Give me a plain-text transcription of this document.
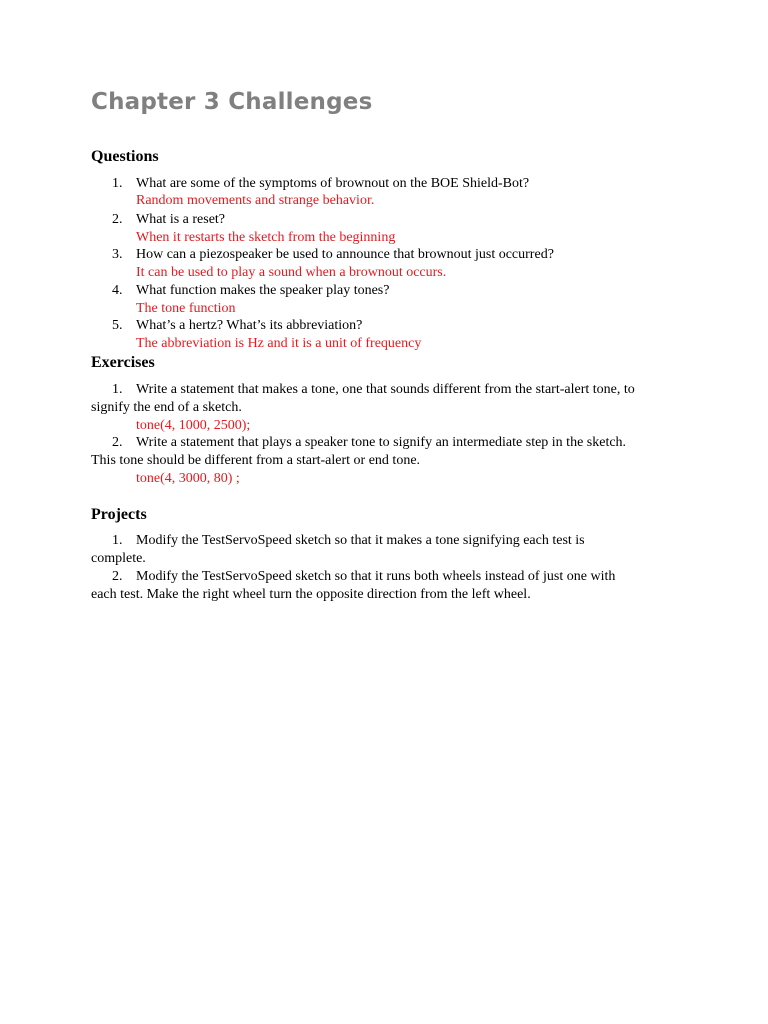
Chapter 3 Challenges
Questions
1. What are some of the symptoms of brownout on the BOE Shield-Bot?
Random movements and strange behavior.
2. What is a reset?
When it restarts the sketch from the beginning
3. How can a piezospeaker be used to announce that brownout just occurred?
It can be used to play a sound when a brownout occurs.
4. What function makes the speaker play tones?
The tone function
5. What’s a hertz? What’s its abbreviation?
The abbreviation is Hz and it is a unit of frequency
Exercises
1. Write a statement that makes a tone, one that sounds different from the start-alert tone, to
signify the end of a sketch.
tone(4, 1000, 2500);
2. Write a statement that plays a speaker tone to signify an intermediate step in the sketch.
This tone should be different from a start-alert or end tone.
tone(4, 3000, 80) ;
Projects
1. Modify the TestServoSpeed sketch so that it makes a tone signifying each test is
complete.
2. Modify the TestServoSpeed sketch so that it runs both wheels instead of just one with
each test. Make the right wheel turn the opposite direction from the left wheel.
